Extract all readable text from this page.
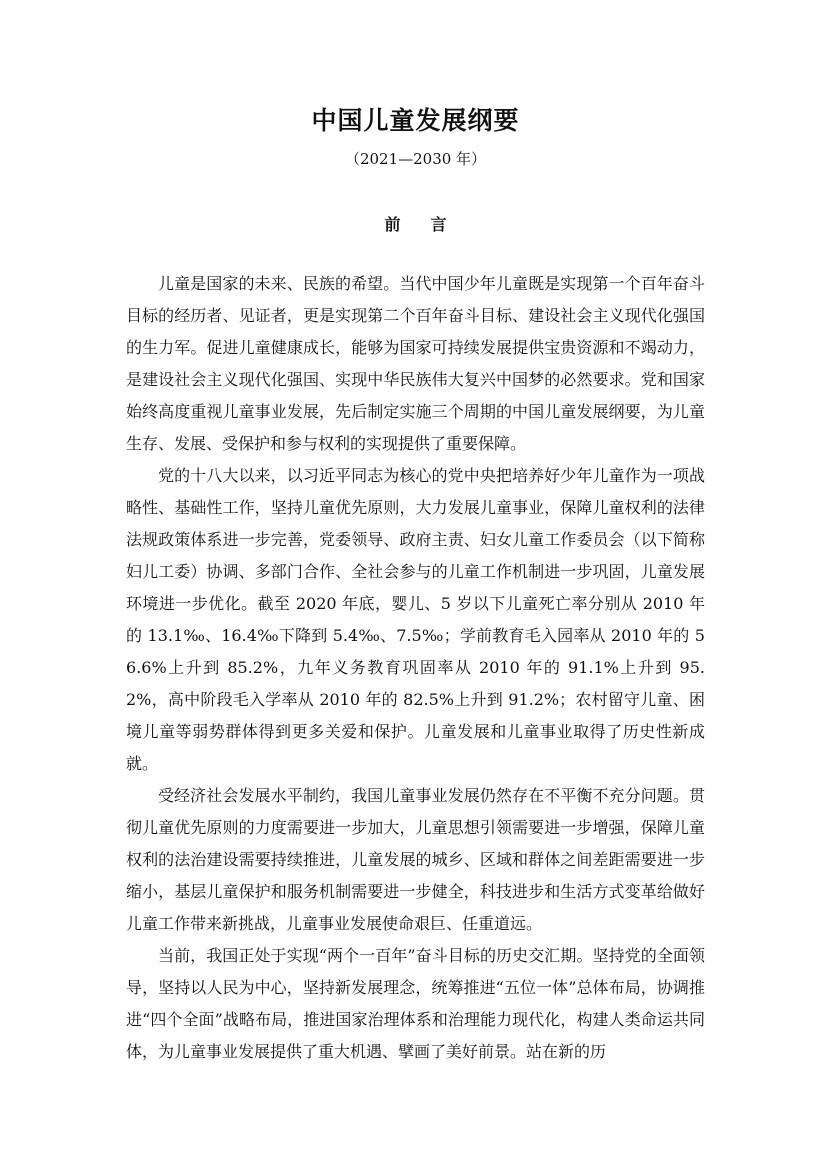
中国儿童发展纲要
（2021—2030 年）
前言

儿童是国家的未来、民族的希望。当代中国少年儿童既是实现第一个百年奋斗目标的经历者、见证者，更是实现第二个百年奋斗目标、建设社会主义现代化强国的生力军。促进儿童健康成长，能够为国家可持续发展提供宝贵资源和不竭动力，是建设社会主义现代化强国、实现中华民族伟大复兴中国梦的必然要求。党和国家始终高度重视儿童事业发展，先后制定实施三个周期的中国儿童发展纲要，为儿童生存、发展、受保护和参与权利的实现提供了重要保障。

党的十八大以来，以习近平同志为核心的党中央把培养好少年儿童作为一项战略性、基础性工作，坚持儿童优先原则，大力发展儿童事业，保障儿童权利的法律法规政策体系进一步完善，党委领导、政府主责、妇女儿童工作委员会（以下简称妇儿工委）协调、多部门合作、全社会参与的儿童工作机制进一步巩固，儿童发展环境进一步优化。截至 2020 年底，婴儿、5 岁以下儿童死亡率分别从 2010 年的 13.1‰、16.4‰下降到 5.4‰、7.5‰；学前教育毛入园率从 2010 年的 56.6%上升到 85.2%，九年义务教育巩固率从 2010 年的 91.1%上升到 95.2%，高中阶段毛入学率从 2010 年的 82.5%上升到 91.2%；农村留守儿童、困境儿童等弱势群体得到更多关爱和保护。儿童发展和儿童事业取得了历史性新成就。

受经济社会发展水平制约，我国儿童事业发展仍然存在不平衡不充分问题。贯彻儿童优先原则的力度需要进一步加大，儿童思想引领需要进一步增强，保障儿童权利的法治建设需要持续推进，儿童发展的城乡、区域和群体之间差距需要进一步缩小，基层儿童保护和服务机制需要进一步健全，科技进步和生活方式变革给做好儿童工作带来新挑战，儿童事业发展使命艰巨、任重道远。

当前，我国正处于实现“两个一百年”奋斗目标的历史交汇期。坚持党的全面领导，坚持以人民为中心，坚持新发展理念，统筹推进“五位一体”总体布局，协调推进“四个全面”战略布局，推进国家治理体系和治理能力现代化，构建人类命运共同体，为儿童事业发展提供了重大机遇、擘画了美好前景。站在新的历
